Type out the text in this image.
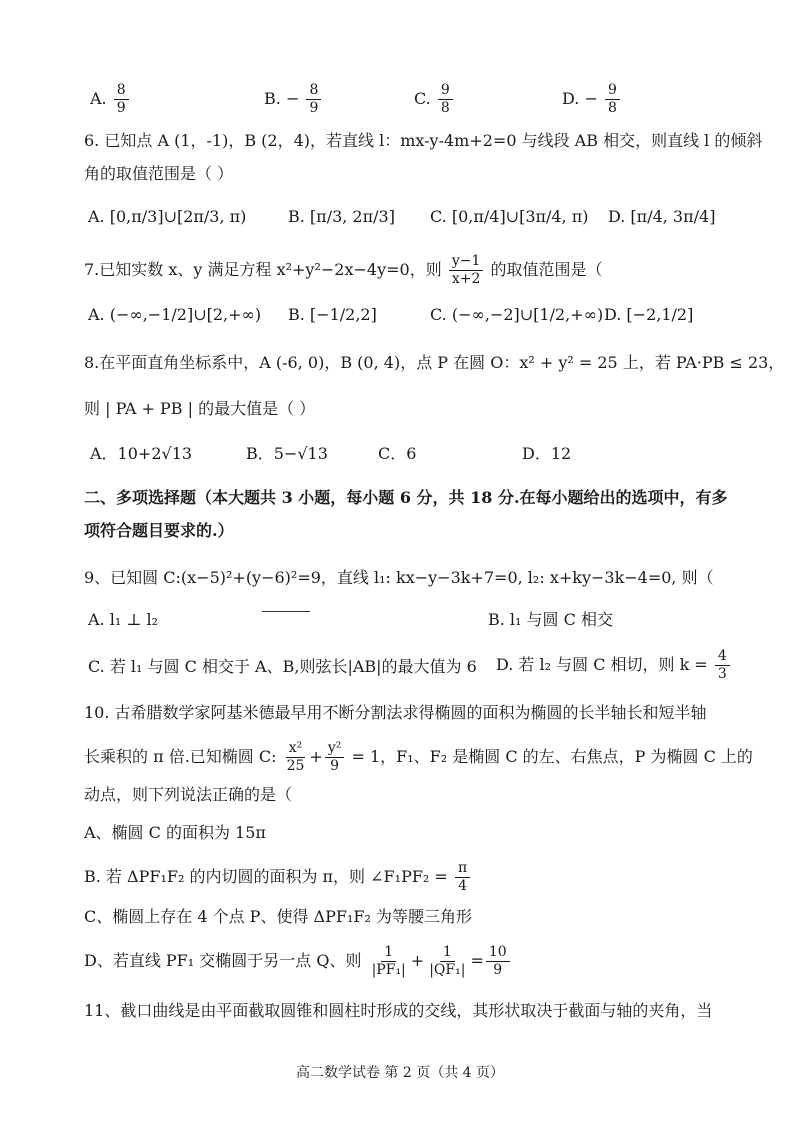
A. $\frac{8}{9}$	B. − $\frac{8}{9}$	C. $\frac{9}{8}$	D. − $\frac{9}{8}$
6. 已知点 A (1，-1)，B (2，4)，若直线 l：mx-y-4m+2=0 与线段 AB 相交，则直线 l 的倾斜
角的取值范围是（ ）
A. [0,π/3]∪[2π/3, π)	B. [π/3, 2π/3] C. [0,π/4]∪[3π/4, π) D. [π/4, 3π/4]
7.已知实数 x、y 满足方程 x²+y²−2x−4y=0，则 $\frac{y-1}{x+2}$ 的取值范围是（
A. (−∞,−1/2]∪[2,+∞) B. [−1/2,2]	C. (−∞,−2]∪[1/2,+∞) D. [−2,1/2]
8.在平面直角坐标系中，A (-6, 0)，B (0, 4)，点 P 在圆 O：x² + y² = 25 上，若 PA·PB ≤ 23，
则 | PA + PB | 的最大值是（ ）
A．10+2√13	B．5−√13	C．6	D．12
二、多项选择题（本大题共 3 小题，每小题 6 分，共 18 分.在每小题给出的选项中，有多
项符合题目要求的.）
9、已知圆 C:(x−5)²+(y−6)²=9，直线 l₁: kx−y−3k+7=0, l₂: x+ky−3k−4=0, 则（
A. l₁ ⊥ l₂	B. l₁ 与圆 C 相交
C. 若 l₁ 与圆 C 相交于 A、B,则弦长|AB|的最大值为 6 D. 若 l₂ 与圆 C 相切，则 $k = \frac{4}{3}$
10. 古希腊数学家阿基米德最早用不断分割法求得椭圆的面积为椭圆的长半轴长和短半轴
长乘积的 π 倍.已知椭圆 C: $\frac{\text{x²}}{25} + \frac{\text{y²}}{9} = 1$，F₁、F₂ 是椭圆 C 的左、右焦点，P 为椭圆 C 上的
动点，则下列说法正确的是（
A、椭圆 C 的面积为 15π
B. 若 ΔPF₁F₂ 的内切圆的面积为 π，则 ∠F₁PF₂ = $\frac{\pi}{4}$
C、椭圆上存在 4 个点 P、使得 ΔPF₁F₂ 为等腰三角形
D、若直线 PF₁ 交椭圆于另一点 Q、则 $\frac{1}{\text{|PF₁|}} + \frac{1}{\text{|QF₁|}} = \frac{10}{9}$
11、截口曲线是由平面截取圆锥和圆柱时形成的交线，其形状取决于截面与轴的夹角，当
高二数学试卷 第 2 页（共 4 页）
